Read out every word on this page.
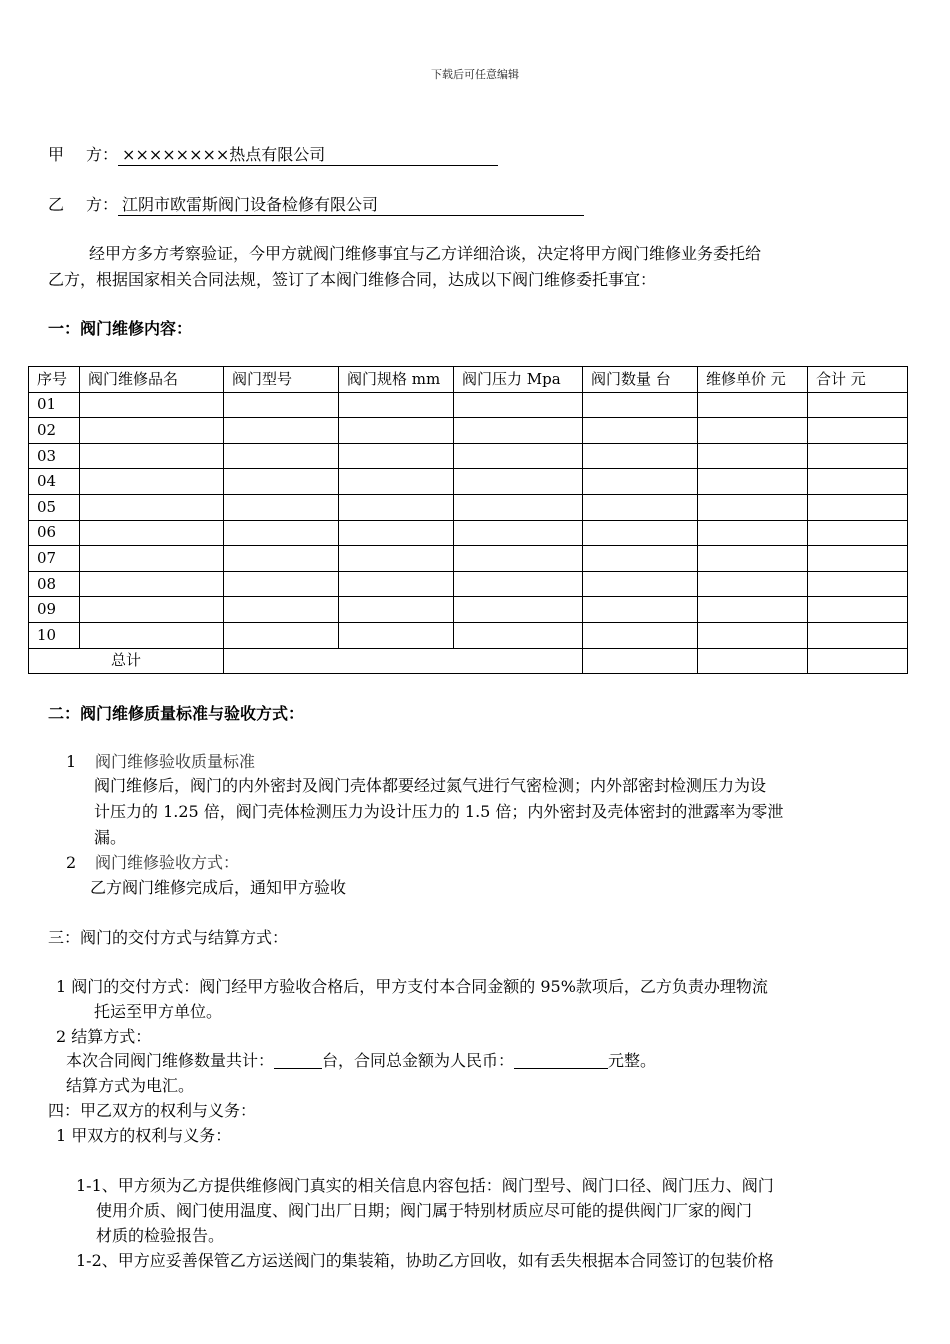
下载后可任意编辑
甲 方： ××××××××热点有限公司
乙 方： 江阴市欧雷斯阀门设备检修有限公司
经甲方多方考察验证，今甲方就阀门维修事宜与乙方详细洽谈，决定将甲方阀门维修业务委托给
乙方，根据国家相关合同法规，签订了本阀门维修合同，达成以下阀门维修委托事宜：
一：阀门维修内容：
序号	阀门维修品名	阀门型号	阀门规格 mm	阀门压力 Mpa	阀门数量 台	维修单价 元	合计 元
01							
02							
03							
04							
05							
06							
07							
08							
09							
10							
总计							
二：阀门维修质量标准与验收方式：
1 阀门维修验收质量标准
阀门维修后，阀门的内外密封及阀门壳体都要经过氮气进行气密检测；内外部密封检测压力为设
计压力的 1.25 倍，阀门壳体检测压力为设计压力的 1.5 倍；内外密封及壳体密封的泄露率为零泄
漏。
2 阀门维修验收方式：
乙方阀门维修完成后，通知甲方验收
三：阀门的交付方式与结算方式：
1 阀门的交付方式：阀门经甲方验收合格后，甲方支付本合同金额的 95%款项后，乙方负责办理物流
托运至甲方单位。
2 结算方式：
本次合同阀门维修数量共计：	台，合同总金额为人民币：	元整。
结算方式为电汇。
四：甲乙双方的权利与义务：
1 甲双方的权利与义务：
1-1、甲方须为乙方提供维修阀门真实的相关信息内容包括：阀门型号、阀门口径、阀门压力、阀门
使用介质、阀门使用温度、阀门出厂日期；阀门属于特别材质应尽可能的提供阀门厂家的阀门
材质的检验报告。
1-2、甲方应妥善保管乙方运送阀门的集装箱，协助乙方回收，如有丢失根据本合同签订的包装价格
